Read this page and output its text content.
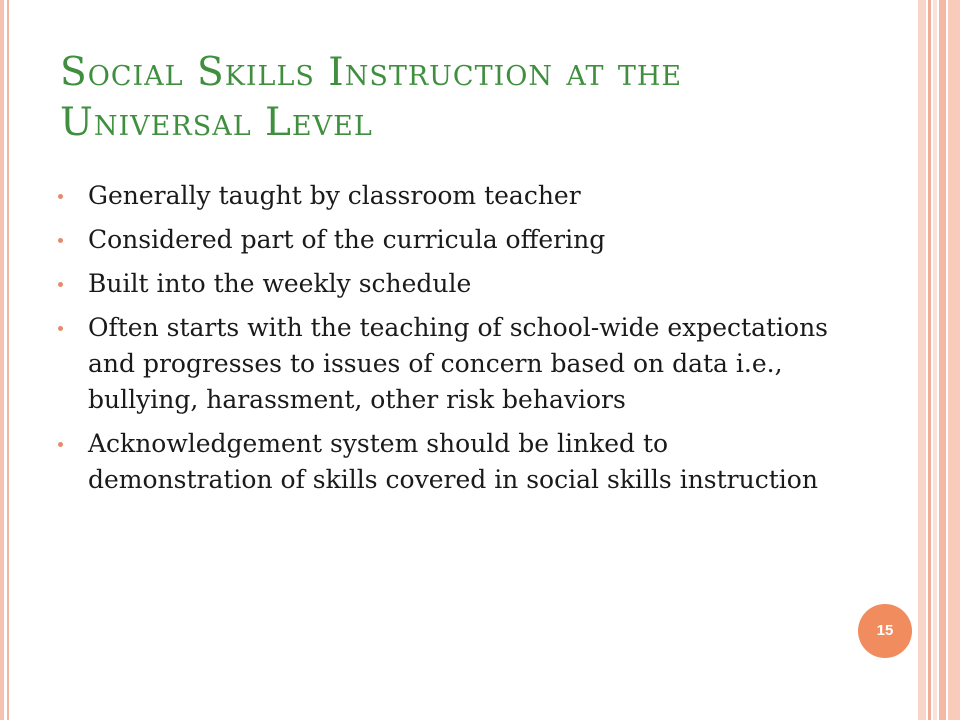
Social Skills Instruction at the Universal Level
Generally taught by classroom teacher
Considered part of the curricula offering
Built into the weekly schedule
Often starts with the teaching of school-wide expectations and progresses to issues of concern based on data i.e., bullying, harassment, other risk behaviors
Acknowledgement system should be linked to demonstration of skills covered in social skills instruction
15
